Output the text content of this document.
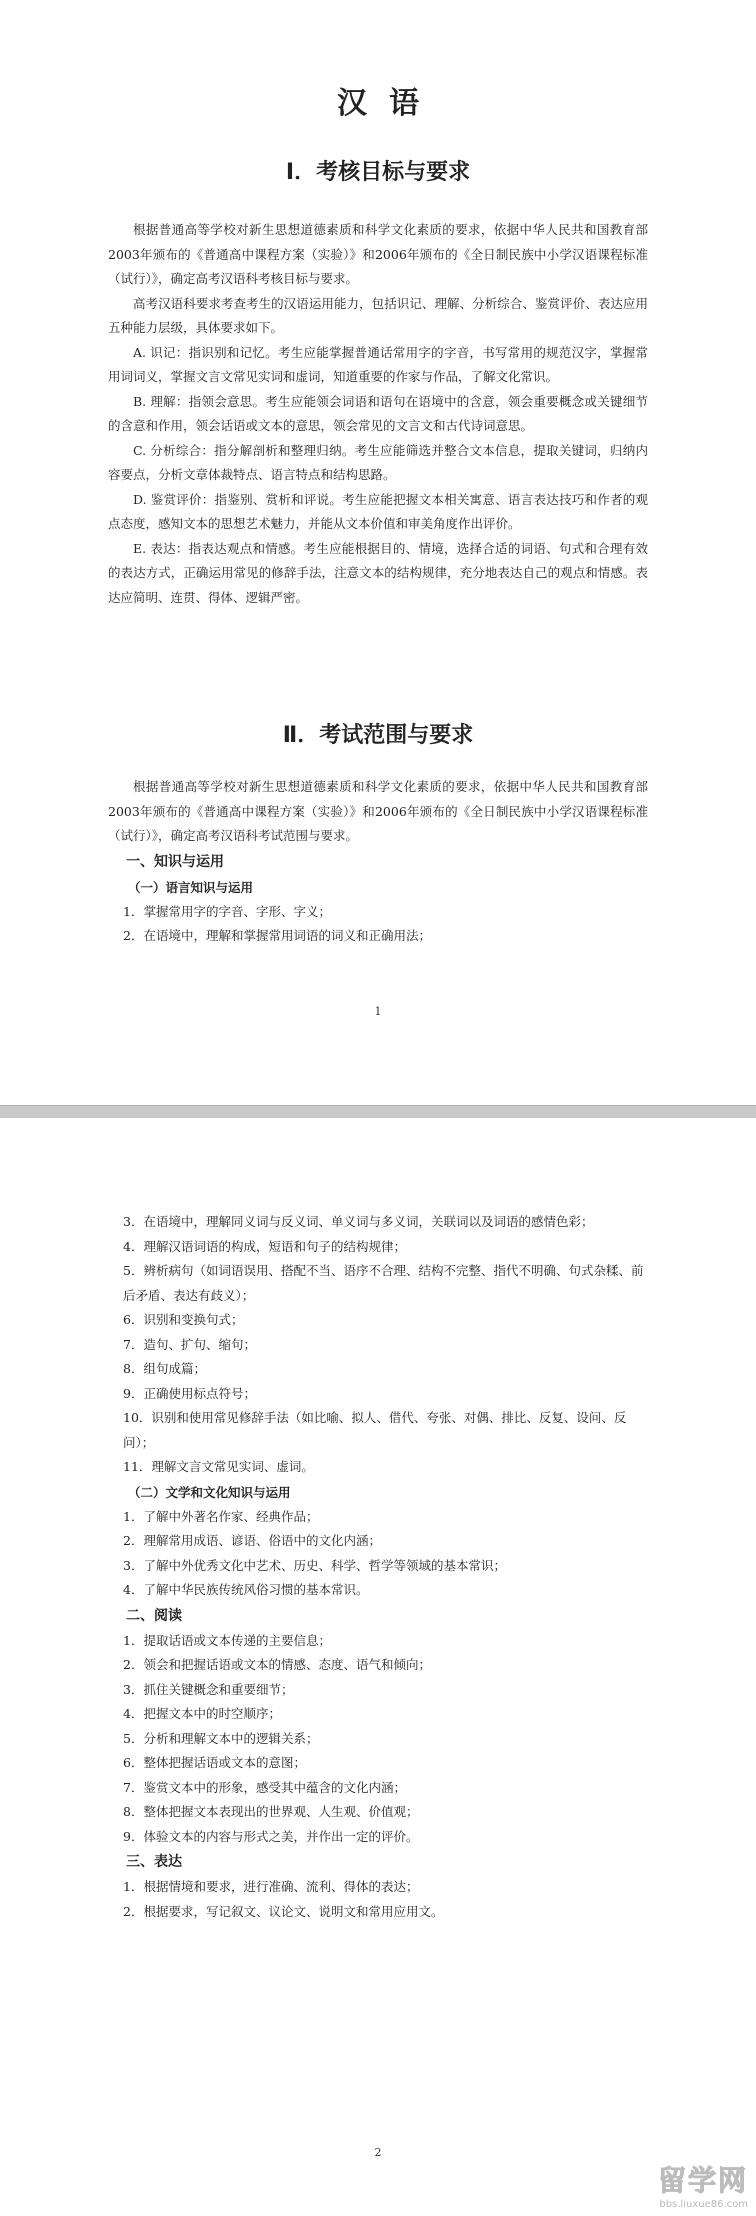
汉语
Ⅰ．考核目标与要求

根据普通高等学校对新生思想道德素质和科学文化素质的要求，依据中华人民共和国教育部2003年颁布的《普通高中课程方案（实验）》和2006年颁布的《全日制民族中小学汉语课程标准（试行）》，确定高考汉语科考核目标与要求。

高考汉语科要求考查考生的汉语运用能力，包括识记、理解、分析综合、鉴赏评价、表达应用五种能力层级，具体要求如下。

A. 识记：指识别和记忆。考生应能掌握普通话常用字的字音，书写常用的规范汉字，掌握常用词词义，掌握文言文常见实词和虚词，知道重要的作家与作品，了解文化常识。

B. 理解：指领会意思。考生应能领会词语和语句在语境中的含意，领会重要概念或关键细节的含意和作用，领会话语或文本的意思，领会常见的文言文和古代诗词意思。

C. 分析综合：指分解剖析和整理归纳。考生应能筛选并整合文本信息，提取关键词，归纳内容要点，分析文章体裁特点、语言特点和结构思路。

D. 鉴赏评价：指鉴别、赏析和评说。考生应能把握文本相关寓意、语言表达技巧和作者的观点态度，感知文本的思想艺术魅力，并能从文本价值和审美角度作出评价。

E. 表达：指表达观点和情感。考生应能根据目的、情境，选择合适的词语、句式和合理有效的表达方式，正确运用常见的修辞手法，注意文本的结构规律，充分地表达自己的观点和情感。表达应简明、连贯、得体、逻辑严密。

Ⅱ．考试范围与要求

根据普通高等学校对新生思想道德素质和科学文化素质的要求，依据中华人民共和国教育部2003年颁布的《普通高中课程方案（实验）》和2006年颁布的《全日制民族中小学汉语课程标准（试行）》，确定高考汉语科考试范围与要求。

一、知识与运用

（一）语言知识与运用

1．掌握常用字的字音、字形、字义；

2．在语境中，理解和掌握常用词语的词义和正确用法；

1

3．在语境中，理解同义词与反义词、单义词与多义词，关联词以及词语的感情色彩；

4．理解汉语词语的构成，短语和句子的结构规律；

5．辨析病句（如词语误用、搭配不当、语序不合理、结构不完整、指代不明确、句式杂糅、前后矛盾、表达有歧义）；

6．识别和变换句式；

7．造句、扩句、缩句；

8．组句成篇；

9．正确使用标点符号；

10．识别和使用常见修辞手法（如比喻、拟人、借代、夸张、对偶、排比、反复、设问、反问）；

11．理解文言文常见实词、虚词。

（二）文学和文化知识与运用

1．了解中外著名作家、经典作品；

2．理解常用成语、谚语、俗语中的文化内涵；

3．了解中外优秀文化中艺术、历史、科学、哲学等领域的基本常识；

4．了解中华民族传统风俗习惯的基本常识。

二、阅读

1．提取话语或文本传递的主要信息；

2．领会和把握话语或文本的情感、态度、语气和倾向；

3．抓住关键概念和重要细节；

4．把握文本中的时空顺序；

5．分析和理解文本中的逻辑关系；

6．整体把握话语或文本的意图；

7．鉴赏文本中的形象，感受其中蕴含的文化内涵；

8．整体把握文本表现出的世界观、人生观、价值观；

9．体验文本的内容与形式之美，并作出一定的评价。

三、表达

1．根据情境和要求，进行准确、流利、得体的表达；

2．根据要求，写记叙文、议论文、说明文和常用应用文。

2
留学网
bbs.liuxue86.com
